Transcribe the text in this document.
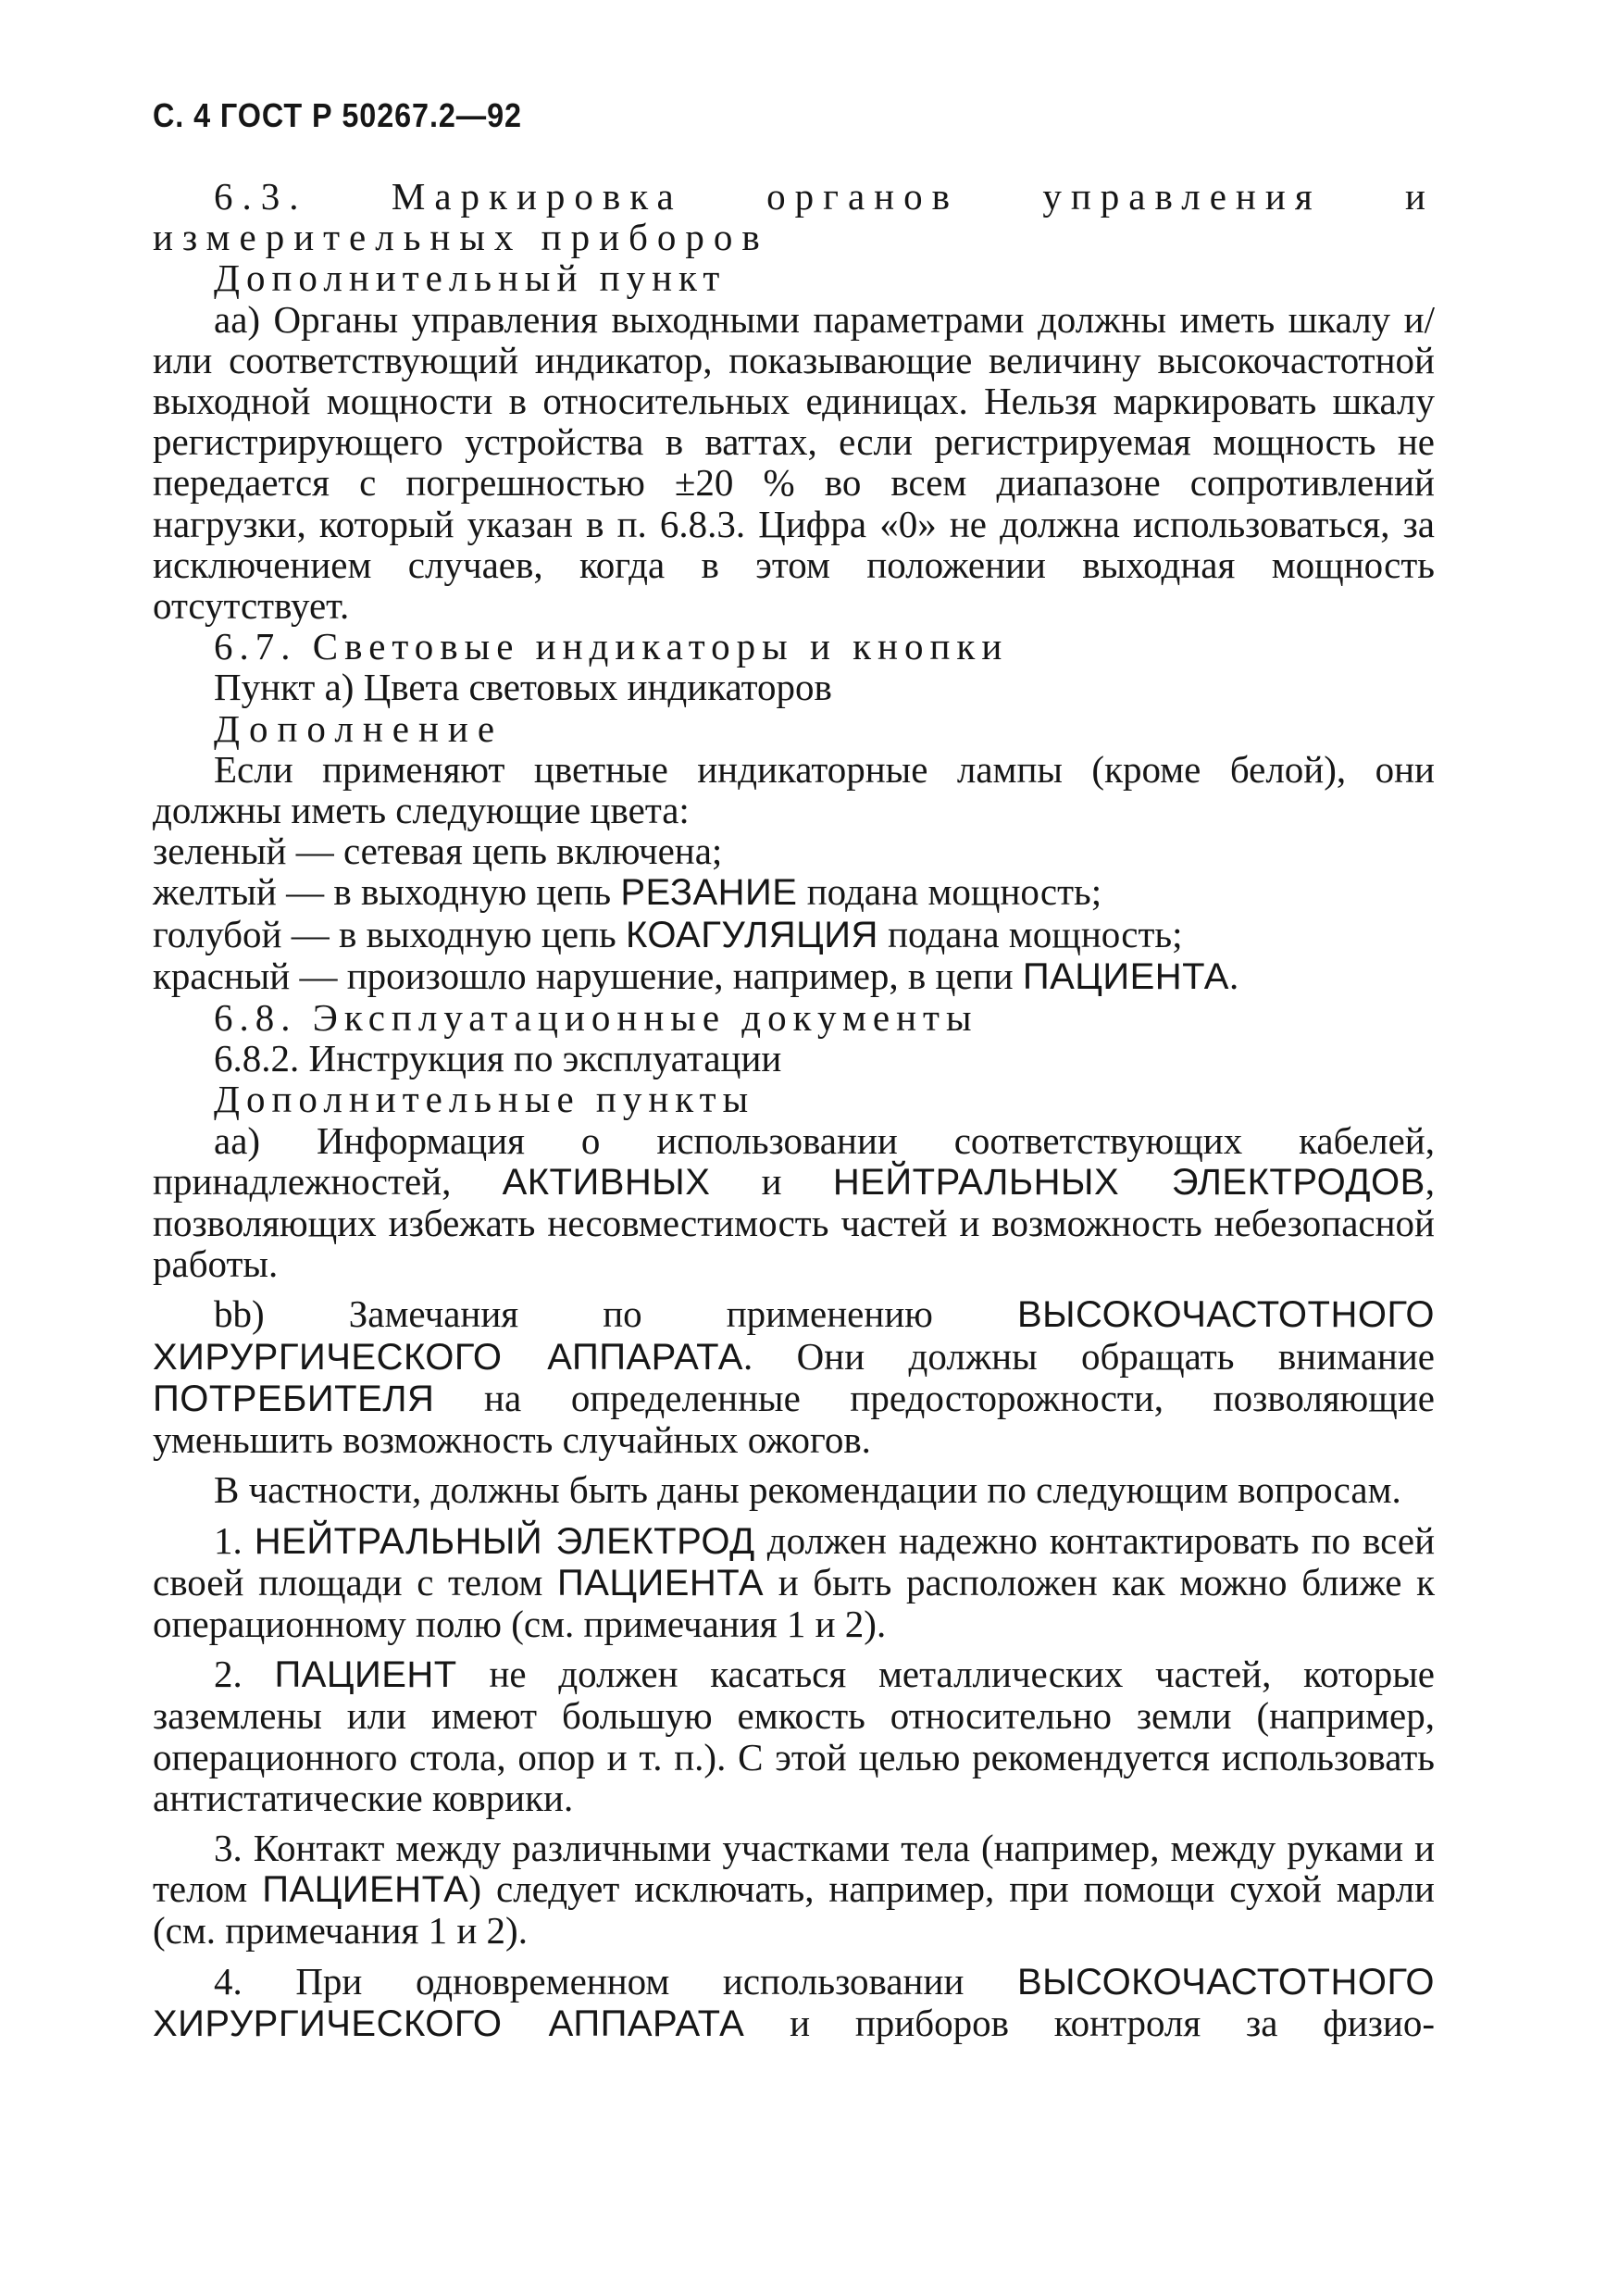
С. 4 ГОСТ Р 50267.2—92

6.3. Маркировка органов управления и измерительных приборов

Дополнительный пункт

аа) Органы управления выходными параметрами должны иметь шкалу и/или соответствующий индикатор, показывающие величину высокочастотной выходной мощности в относительных единицах. Нельзя маркировать шкалу регистрирующего устройства в ваттах, если регистрируемая мощность не передается с погрешностью ±20 % во всем диапазоне сопротивлений нагрузки, который указан в п. 6.8.3. Цифра «0» не должна использоваться, за исключением случаев, когда в этом положении выходная мощность отсутствует.

6.7. Световые индикаторы и кнопки

Пункт а) Цвета световых индикаторов

Дополнение

Если применяют цветные индикаторные лампы (кроме белой), они должны иметь следующие цвета:

зеленый — сетевая цепь включена;

желтый — в выходную цепь РЕЗАНИЕ подана мощность;

голубой — в выходную цепь КОАГУЛЯЦИЯ подана мощность;

красный — произошло нарушение, например, в цепи ПАЦИЕНТА.

6.8. Эксплуатационные документы

6.8.2. Инструкция по эксплуатации

Дополнительные пункты

аа) Информация о использовании соответствующих кабелей, принадлежностей, АКТИВНЫХ и НЕЙТРАЛЬНЫХ ЭЛЕКТРОДОВ, позволяющих избежать несовместимость частей и возможность небезопасной работы.

bb) Замечания по применению ВЫСОКОЧАСТОТНОГО ХИРУРГИЧЕСКОГО АППАРАТА. Они должны обращать внимание ПОТРЕБИТЕЛЯ на определенные предосторожности, позволяющие уменьшить возможность случайных ожогов.

В частности, должны быть даны рекомендации по следующим вопросам.

1. НЕЙТРАЛЬНЫЙ ЭЛЕКТРОД должен надежно контактировать по всей своей площади с телом ПАЦИЕНТА и быть расположен как можно ближе к операционному полю (см. примечания 1 и 2).

2. ПАЦИЕНТ не должен касаться металлических частей, которые заземлены или имеют большую емкость относительно земли (например, операционного стола, опор и т. п.). С этой целью рекомендуется использовать антистатические коврики.

3. Контакт между различными участками тела (например, между руками и телом ПАЦИЕНТА) следует исключать, например, при помощи сухой марли (см. примечания 1 и 2).

4. При одновременном использовании ВЫСОКОЧАСТОТНОГО ХИРУРГИЧЕСКОГО АППАРАТА и приборов контроля за физио-
